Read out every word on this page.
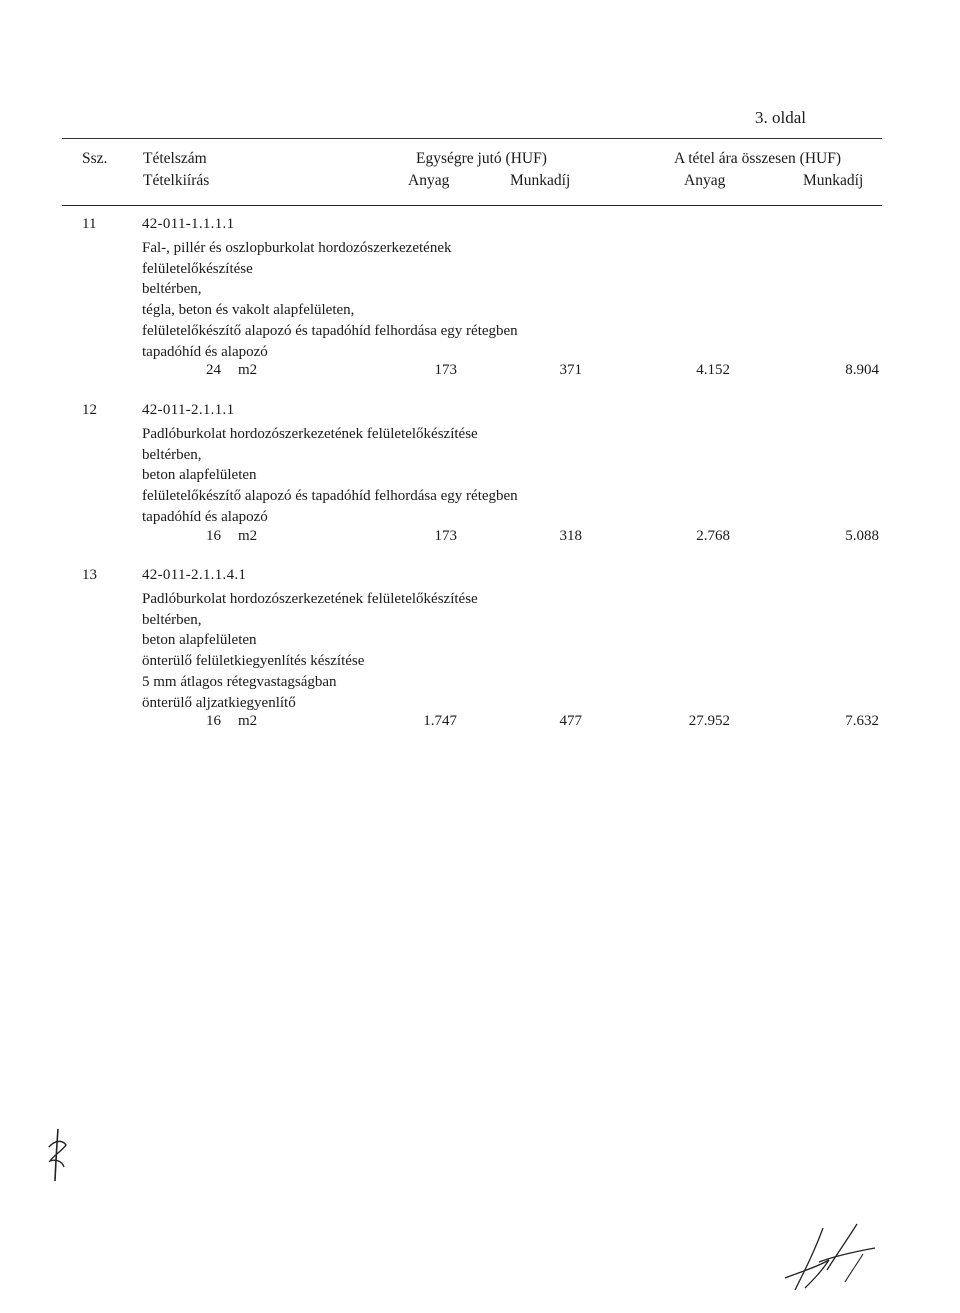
3. oldal
Ssz. Tételszám
Tételkiírás
Egységre jutó (HUF)
Anyag	Munkadíj
A tétel ára összesen (HUF)
Anyag	Munkadíj
11	42-011-1.1.1.1
Fal-, pillér és oszlopburkolat hordozószerkezetének
felületelőkészítése
beltérben,
tégla, beton és vakolt alapfelületen,
felületelőkészítő alapozó és tapadóhíd felhordása egy rétegben
tapadóhíd és alapozó
24 m2	173	371	4.152	8.904
12	42-011-2.1.1.1
Padlóburkolat hordozószerkezetének felületelőkészítése
beltérben,
beton alapfelületen
felületelőkészítő alapozó és tapadóhíd felhordása egy rétegben
tapadóhíd és alapozó
16 m2	173	318	2.768	5.088
13	42-011-2.1.1.4.1
Padlóburkolat hordozószerkezetének felületelőkészítése
beltérben,
beton alapfelületen
önterülő felületkiegyenlítés készítése
5 mm átlagos rétegvastagságban
önterülő aljzatkiegyenlítő
16 m2	1.747	477	27.952	7.632
